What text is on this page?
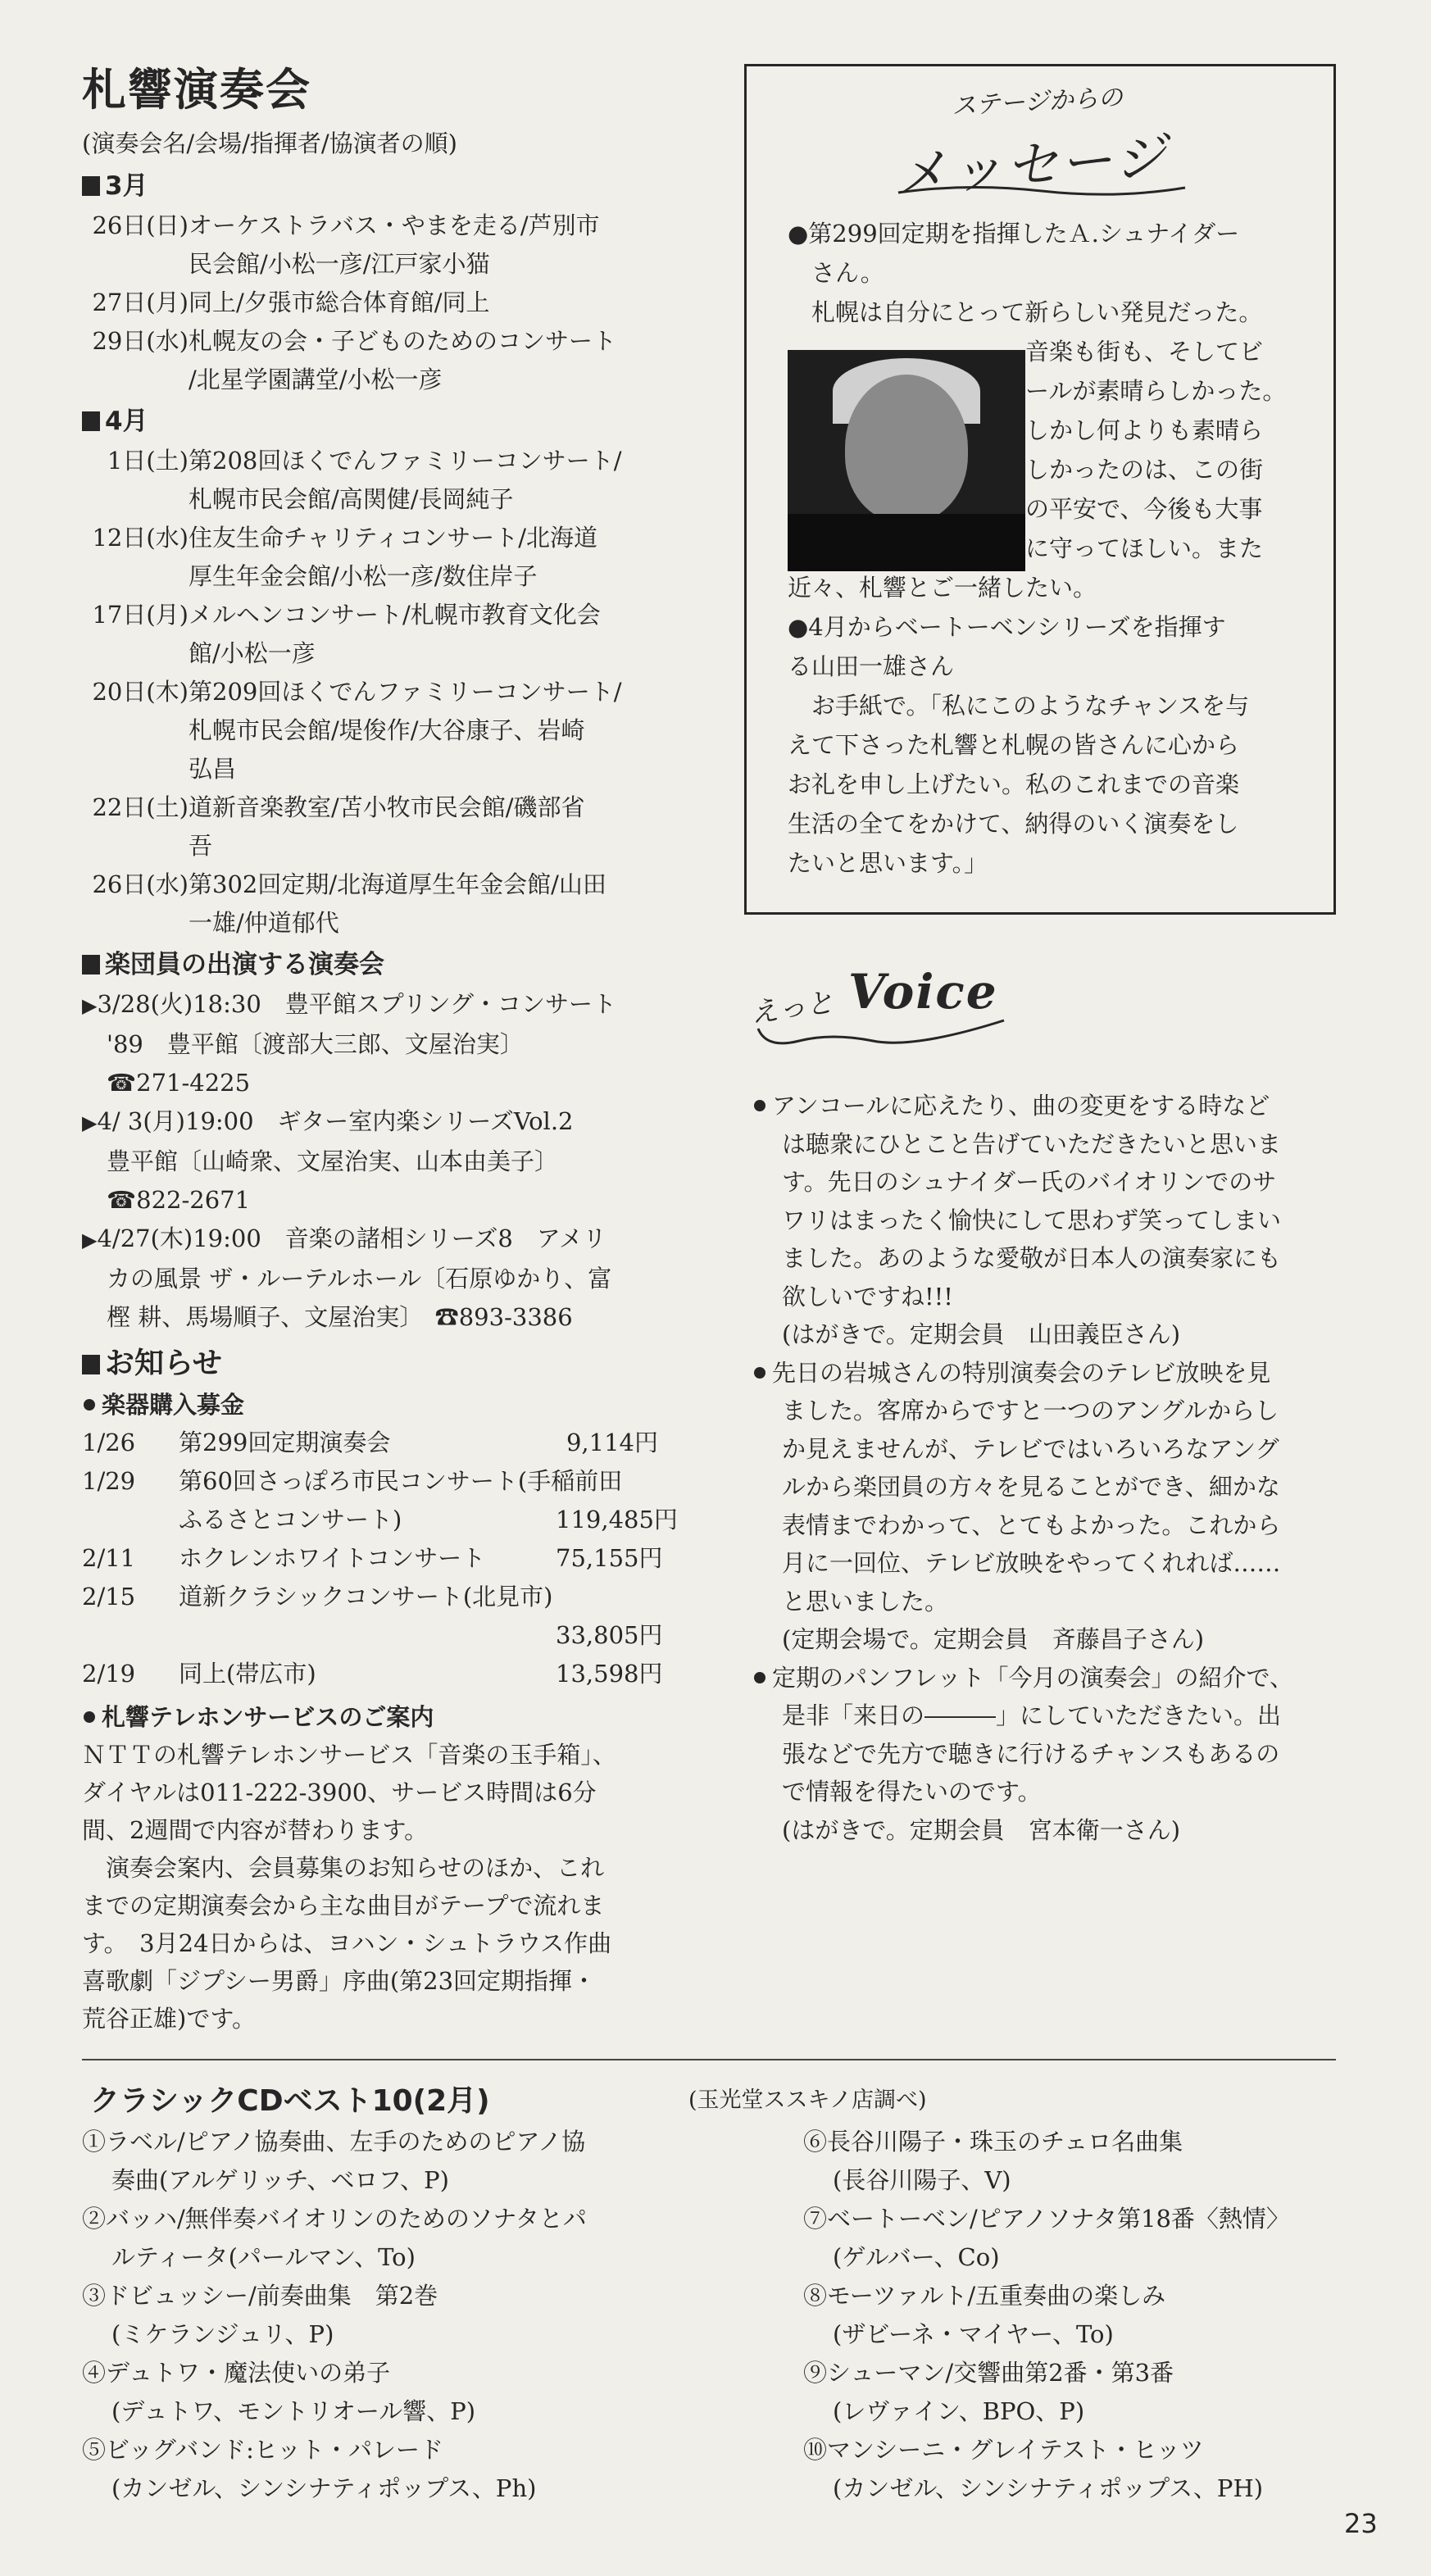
札響演奏会
(演奏会名/会場/指揮者/協演者の順)
3月
26日(日)オーケストラバス・やまを走る/芦別市
民会館/小松一彦/江戸家小猫
27日(月)同上/夕張市総合体育館/同上
29日(水)札幌友の会・子どものためのコンサート
/北星学園講堂/小松一彦
4月
1日(土)第208回ほくでんファミリーコンサート/
札幌市民会館/高関健/長岡純子
12日(水)住友生命チャリティコンサート/北海道
厚生年金会館/小松一彦/数住岸子
17日(月)メルヘンコンサート/札幌市教育文化会
館/小松一彦
20日(木)第209回ほくでんファミリーコンサート/
札幌市民会館/堤俊作/大谷康子、岩崎
弘昌
22日(土)道新音楽教室/苫小牧市民会館/磯部省
吾
26日(水)第302回定期/北海道厚生年金会館/山田
一雄/仲道郁代
楽団員の出演する演奏会
▶3/28(火)18:30　豊平館スプリング・コンサート
'89　豊平館〔渡部大三郎、文屋治実〕
☎271-4225
▶4/ 3(月)19:00　ギター室内楽シリーズVol.2
豊平館〔山崎衆、文屋治実、山本由美子〕
☎822-2671
▶4/27(木)19:00　音楽の諸相シリーズ8　アメリ
カの風景 ザ・ルーテルホール〔石原ゆかり、富
樫 耕、馬場順子、文屋治実〕　☎893-3386
お知らせ
楽器購入募金
1/26	第299回定期演奏会	9,114円
1/29	第60回さっぽろ市民コンサート(手稲前田
ふるさとコンサート)	119,485円
2/11	ホクレンホワイトコンサート	75,155円
2/15	道新クラシックコンサート(北見市)
33,805円
2/19	同上(帯広市)	13,598円
札響テレホンサービスのご案内
ＮＴＴの札響テレホンサービス「音楽の玉手箱」、
ダイヤルは011-222-3900、サービス時間は6分
間、2週間で内容が替わります。
　演奏会案内、会員募集のお知らせのほか、これ
までの定期演奏会から主な曲目がテープで流れま
す。　3月24日からは、ヨハン・シュトラウス作曲
喜歌劇「ジプシー男爵」序曲(第23回定期指揮・
荒谷正雄)です。
ステージからの
メッセージ
●第299回定期を指揮したＡ.シュナイダー
　さん。
　札幌は自分にとって新らしい発見だった。
音楽も街も、そしてビ
ールが素晴らしかった。
しかし何よりも素晴ら
しかったのは、この街
の平安で、今後も大事
に守ってほしい。また
近々、札響とご一緒したい。
●4月からベートーベンシリーズを指揮す
る山田一雄さん
　お手紙で。「私にこのようなチャンスを与
えて下さった札響と札幌の皆さんに心から
お礼を申し上げたい。私のこれまでの音楽
生活の全てをかけて、納得のいく演奏をし
たいと思います。」
えっと Voice
アンコールに応えたり、曲の変更をする時など
は聴衆にひとこと告げていただきたいと思いま
す。先日のシュナイダー氏のバイオリンでのサ
ワリはまったく愉快にして思わず笑ってしまい
ました。あのような愛敬が日本人の演奏家にも
欲しいですね!!!
(はがきで。定期会員　山田義臣さん)
先日の岩城さんの特別演奏会のテレビ放映を見
ました。客席からですと一つのアングルからし
か見えませんが、テレビではいろいろなアング
ルから楽団員の方々を見ることができ、細かな
表情までわかって、とてもよかった。これから
月に一回位、テレビ放映をやってくれれば……
と思いました。
(定期会場で。定期会員　斉藤昌子さん)
定期のパンフレット「今月の演奏会」の紹介で、
是非「来日の―――」にしていただきたい。出
張などで先方で聴きに行けるチャンスもあるの
で情報を得たいのです。
(はがきで。定期会員　宮本衛一さん)
クラシックCDベスト10(2月)	(玉光堂ススキノ店調べ)
①ラベル/ピアノ協奏曲、左手のためのピアノ協
奏曲(アルゲリッチ、ベロフ、P)
②バッハ/無伴奏バイオリンのためのソナタとパ
ルティータ(パールマン、To)
③ドビュッシー/前奏曲集　第2巻
(ミケランジュリ、P)
④デュトワ・魔法使いの弟子
(デュトワ、モントリオール響、P)
⑤ビッグバンド:ヒット・パレード
(カンゼル、シンシナティポップス、Ph)
⑥長谷川陽子・珠玉のチェロ名曲集
(長谷川陽子、V)
⑦ベートーベン/ピアノソナタ第18番〈熱情〉
(ゲルバー、Co)
⑧モーツァルト/五重奏曲の楽しみ
(ザビーネ・マイヤー、To)
⑨シューマン/交響曲第2番・第3番
(レヴァイン、BPO、P)
⑩マンシーニ・グレイテスト・ヒッツ
(カンゼル、シンシナティポップス、PH)
23
